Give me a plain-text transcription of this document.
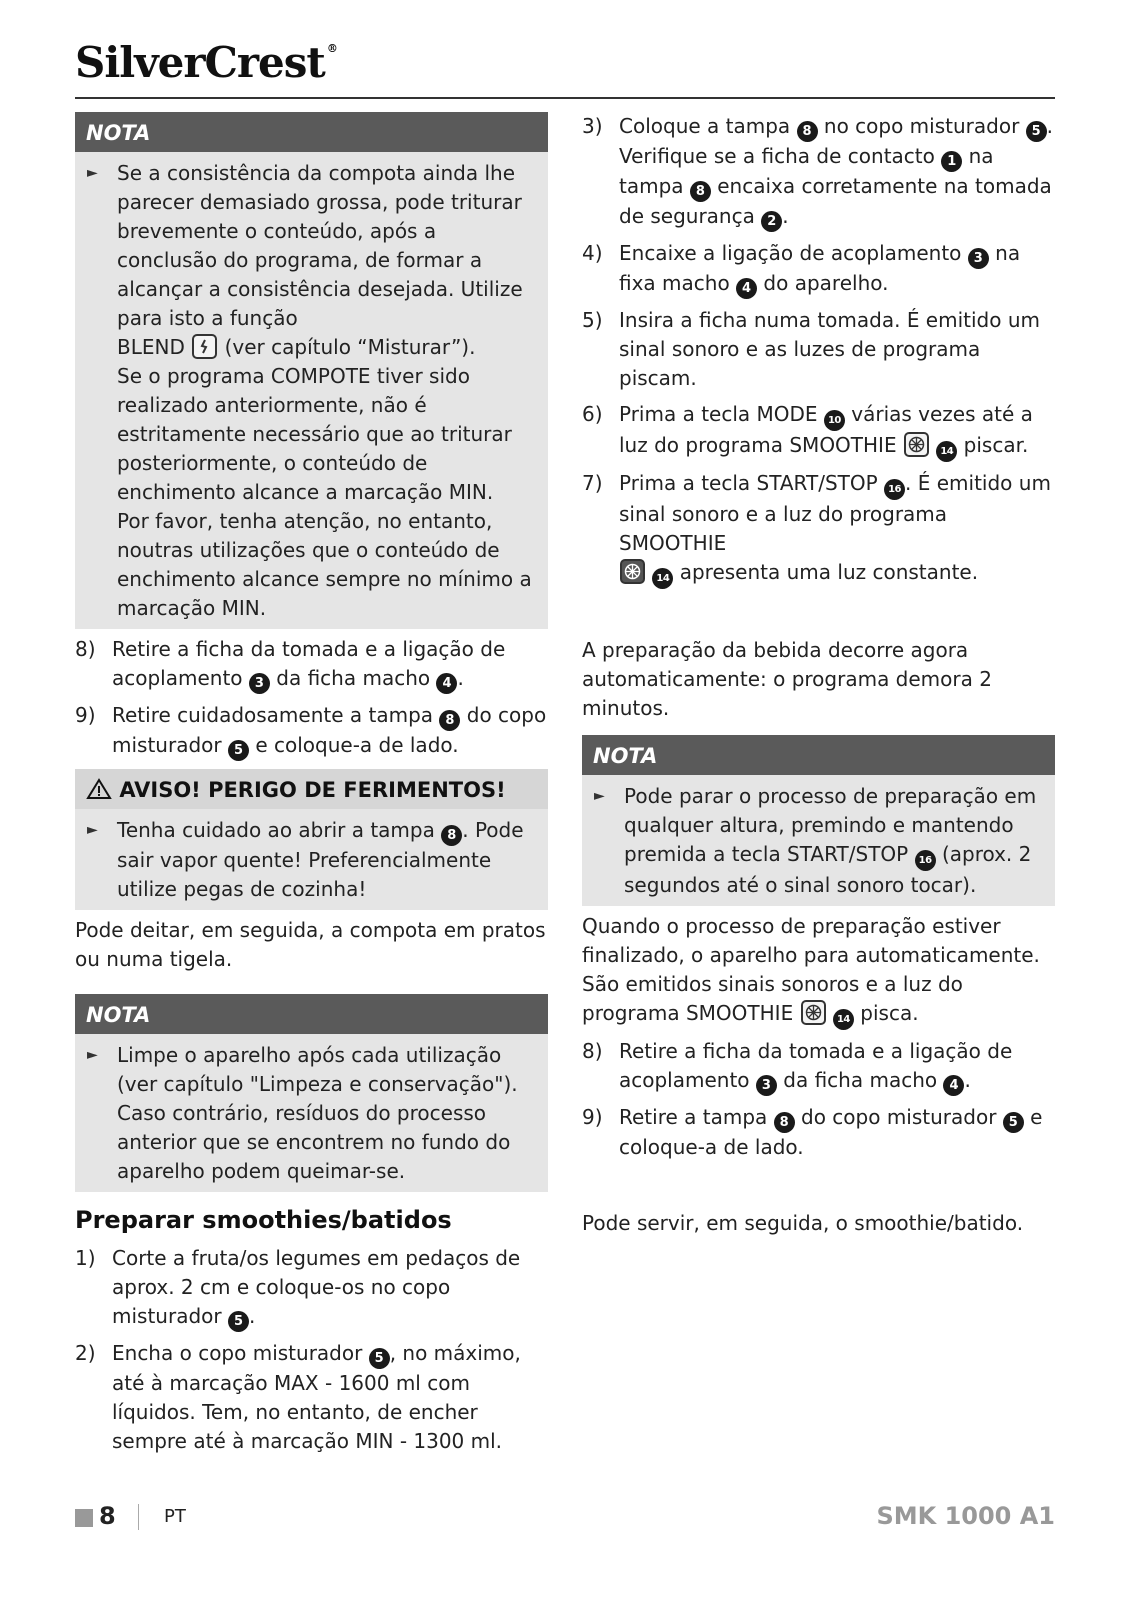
SilverCrest ®
NOTA
► Se a consistência da compota ainda lhe parecer demasiado grossa, pode triturar brevemente o conteúdo, após a conclusão do programa, de formar a alcançar a consistência desejada. Utilize para isto a função
BLEND (ver capítulo “Misturar”).
Se o programa COMPOTE tiver sido realizado anteriormente, não é estritamente necessário que ao triturar posteriormente, o conteúdo de enchimento alcance a marcação MIN.
Por favor, tenha atenção, no entanto, noutras utilizações que o conteúdo de enchimento alcance sempre no mínimo a marcação MIN.
8) Retire a ficha da tomada e a ligação de acoplamento 3 da ficha macho 4 .
9) Retire cuidadosamente a tampa 8 do copo misturador 5 e coloque-a de lado.
AVISO! PERIGO DE FERIMENTOS!
► Tenha cuidado ao abrir a tampa 8 . Pode sair vapor quente! Preferencialmente utilize pegas de cozinha!

Pode deitar, em seguida, a compota em pratos ou numa tigela.

NOTA
► Limpe o aparelho após cada utilização (ver capítulo "Limpeza e conservação"). Caso contrário, resíduos do processo anterior que se encontrem no fundo do aparelho podem queimar-se.
Preparar smoothies/batidos
1) Corte a fruta/os legumes em pedaços de aprox. 2 cm e coloque-os no copo misturador 5 .
2) Encha o copo misturador 5 , no máximo, até à marcação MAX - 1600 ml com líquidos. Tem, no entanto, de encher sempre até à marcação MIN - 1300 ml.
3) Coloque a tampa 8 no copo misturador 5 . Verifique se a ficha de contacto 1 na tampa 8 encaixa corretamente na tomada de segurança 2 .
4) Encaixe a ligação de acoplamento 3 na fixa macho 4 do aparelho.
5) Insira a ficha numa tomada. É emitido um sinal sonoro e as luzes de programa piscam.
6) Prima a tecla MODE 10 várias vezes até a luz do programa SMOOTHIE	14 piscar.
7) Prima a tecla START/STOP 16 . É emitido um sinal sonoro e a luz do programa SMOOTHIE

14 apresenta uma luz constante.

A preparação da bebida decorre agora automaticamente: o programa demora 2 minutos.

NOTA
► Pode parar o processo de preparação em qualquer altura, premindo e mantendo premida a tecla START/STOP 16 (aprox. 2 segundos até o sinal sonoro tocar).

Quando o processo de preparação estiver finalizado, o aparelho para automaticamente.

São emitidos sinais sonoros e a luz do programa SMOOTHIE	14 pisca.

8) Retire a ficha da tomada e a ligação de acoplamento 3 da ficha macho 4 .
9) Retire a tampa 8 do copo misturador 5 e coloque-a de lado.

Pode servir, em seguida, o smoothie/batido.

8	PT	SMK 1000 A1
